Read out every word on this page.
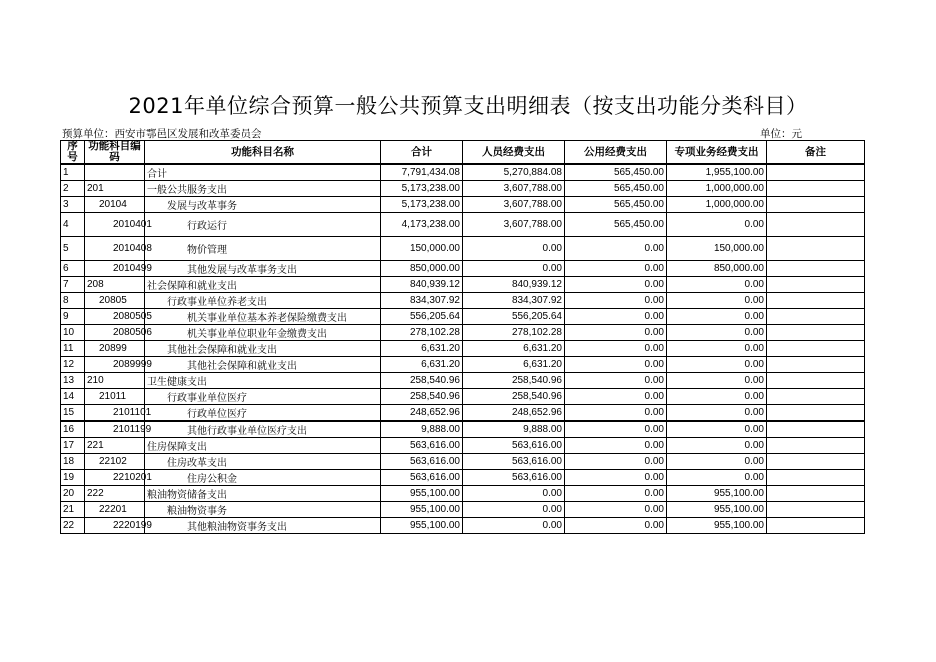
2021年单位综合预算一般公共预算支出明细表（按支出功能分类科目）
预算单位：西安市鄠邑区发展和改革委员会	单位：元
序号	功能科目编码	功能科目名称	合计	人员经费支出	公用经费支出	专项业务经费支出	备注
1		合计	7,791,434.08	5,270,884.08	565,450.00	1,955,100.00	
2	201	一般公共服务支出	5,173,238.00	3,607,788.00	565,450.00	1,000,000.00	
3	20104	发展与改革事务	5,173,238.00	3,607,788.00	565,450.00	1,000,000.00	
4	2010401	行政运行	4,173,238.00	3,607,788.00	565,450.00	0.00	
5	2010408	物价管理	150,000.00	0.00	0.00	150,000.00	
6	2010499	其他发展与改革事务支出	850,000.00	0.00	0.00	850,000.00	
7	208	社会保障和就业支出	840,939.12	840,939.12	0.00	0.00	
8	20805	行政事业单位养老支出	834,307.92	834,307.92	0.00	0.00	
9	2080505	机关事业单位基本养老保险缴费支出	556,205.64	556,205.64	0.00	0.00	
10	2080506	机关事业单位职业年金缴费支出	278,102.28	278,102.28	0.00	0.00	
11	20899	其他社会保障和就业支出	6,631.20	6,631.20	0.00	0.00	
12	2089999	其他社会保障和就业支出	6,631.20	6,631.20	0.00	0.00	
13	210	卫生健康支出	258,540.96	258,540.96	0.00	0.00	
14	21011	行政事业单位医疗	258,540.96	258,540.96	0.00	0.00	
15	2101101	行政单位医疗	248,652.96	248,652.96	0.00	0.00	
16	2101199	其他行政事业单位医疗支出	9,888.00	9,888.00	0.00	0.00	
17	221	住房保障支出	563,616.00	563,616.00	0.00	0.00	
18	22102	住房改革支出	563,616.00	563,616.00	0.00	0.00	
19	2210201	住房公积金	563,616.00	563,616.00	0.00	0.00	
20	222	粮油物资储备支出	955,100.00	0.00	0.00	955,100.00	
21	22201	粮油物资事务	955,100.00	0.00	0.00	955,100.00	
22	2220199	其他粮油物资事务支出	955,100.00	0.00	0.00	955,100.00	
